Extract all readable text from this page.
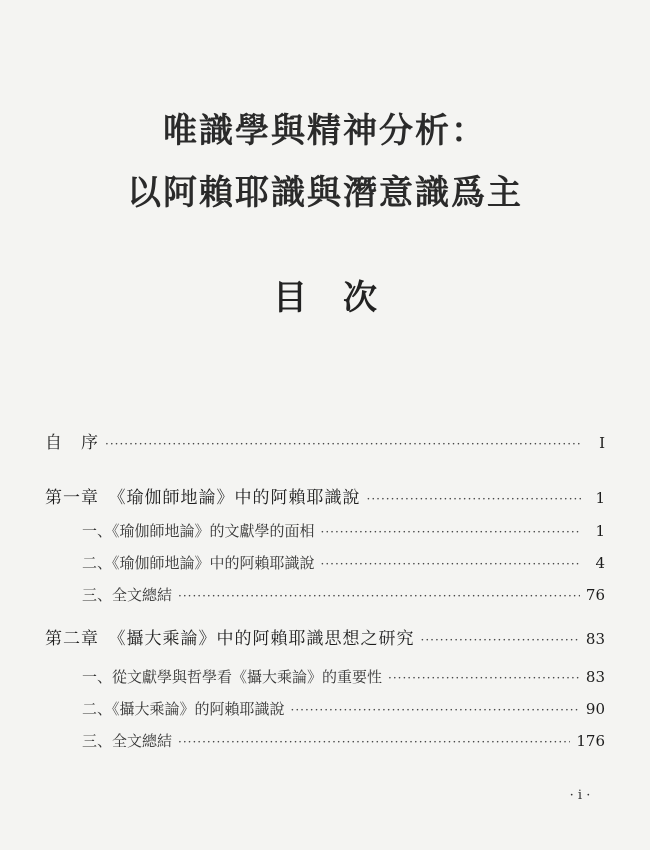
唯識學與精神分析：
以阿賴耶識與潛意識爲主
目次
自　序 ·····	I
第一章　《瑜伽師地論》中的阿賴耶識說 ·····	1
一、《瑜伽師地論》的文獻學的面相 ·····	1
二、《瑜伽師地論》中的阿賴耶識說 ·····	4
三、全文總結 ·····	76
第二章　《攝大乘論》中的阿賴耶識思想之研究 ·····	83
一、從文獻學與哲學看《攝大乘論》的重要性 ·····	83
二、《攝大乘論》的阿賴耶識說 ·····	90
三、全文總結 ·····	176
· i ·
